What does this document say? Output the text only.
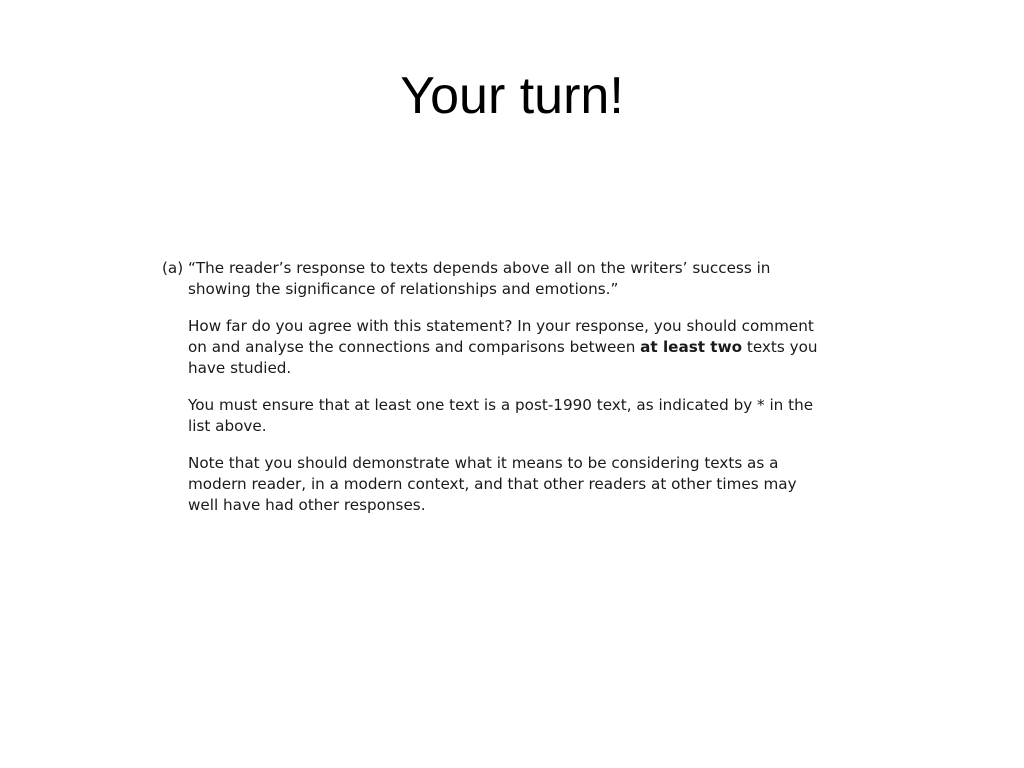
Your turn!
(a) “The reader’s response to texts depends above all on the writers’ success in
showing the significance of relationships and emotions.”

How far do you agree with this statement? In your response, you should comment
on and analyse the connections and comparisons between at least two texts you
have studied.

You must ensure that at least one text is a post-1990 text, as indicated by * in the
list above.

Note that you should demonstrate what it means to be considering texts as a
modern reader, in a modern context, and that other readers at other times may
well have had other responses.
